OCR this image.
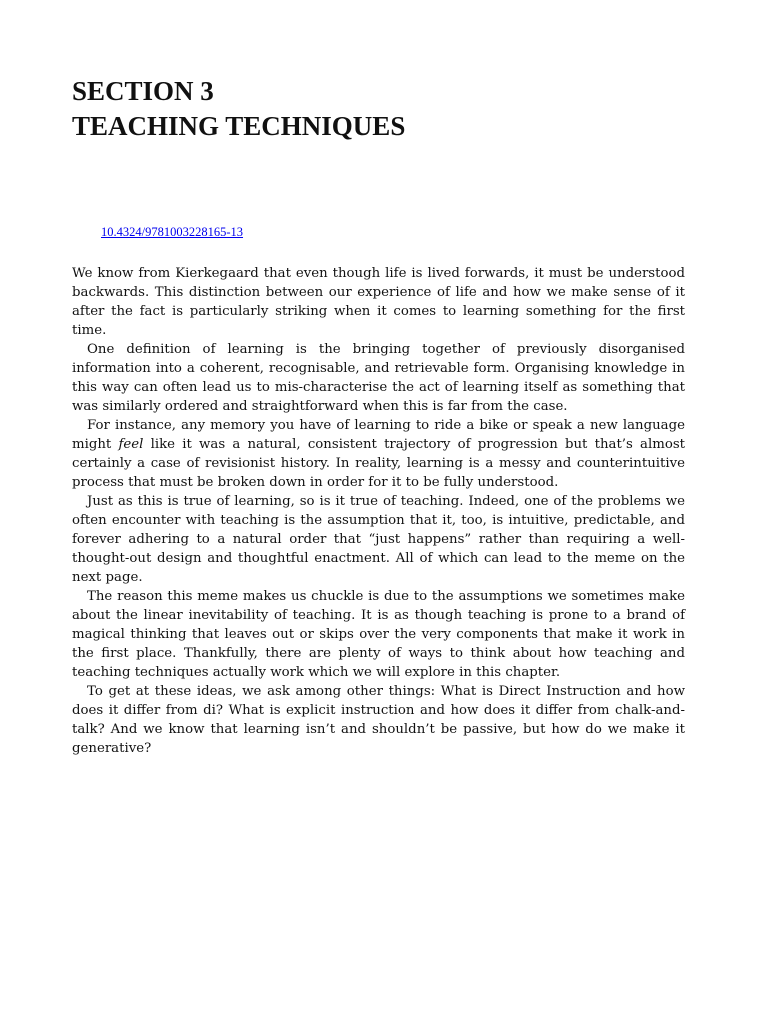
SECTION 3
TEACHING TECHNIQUES
10.4324/9781003228165-13

We know from Kierkegaard that even though life is lived forwards, it must be understood backwards. This distinction between our experience of life and how we make sense of it after the fact is particularly striking when it comes to learning something for the first time.

One definition of learning is the bringing together of previously disorganised information into a coherent, recognisable, and retrievable form. Organising knowledge in this way can often lead us to mis-characterise the act of learning itself as something that was similarly ordered and straightforward when this is far from the case.

For instance, any memory you have of learning to ride a bike or speak a new language might feel like it was a natural, consistent trajectory of progression but that’s almost certainly a case of revisionist history. In reality, learning is a messy and counterintuitive process that must be broken down in order for it to be fully understood.

Just as this is true of learning, so is it true of teaching. Indeed, one of the problems we often encounter with teaching is the assumption that it, too, is intuitive, predictable, and forever adhering to a natural order that “just happens” rather than requiring a well-thought-out design and thoughtful enactment. All of which can lead to the meme on the next page.

The reason this meme makes us chuckle is due to the assumptions we sometimes make about the linear inevitability of teaching. It is as though teaching is prone to a brand of magical thinking that leaves out or skips over the very components that make it work in the first place. Thankfully, there are plenty of ways to think about how teaching and teaching techniques actually work which we will explore in this chapter.

To get at these ideas, we ask among other things: What is Direct Instruction and how does it differ from di? What is explicit instruction and how does it differ from chalk-and-talk? And we know that learning isn’t and shouldn’t be passive, but how do we make it generative?
